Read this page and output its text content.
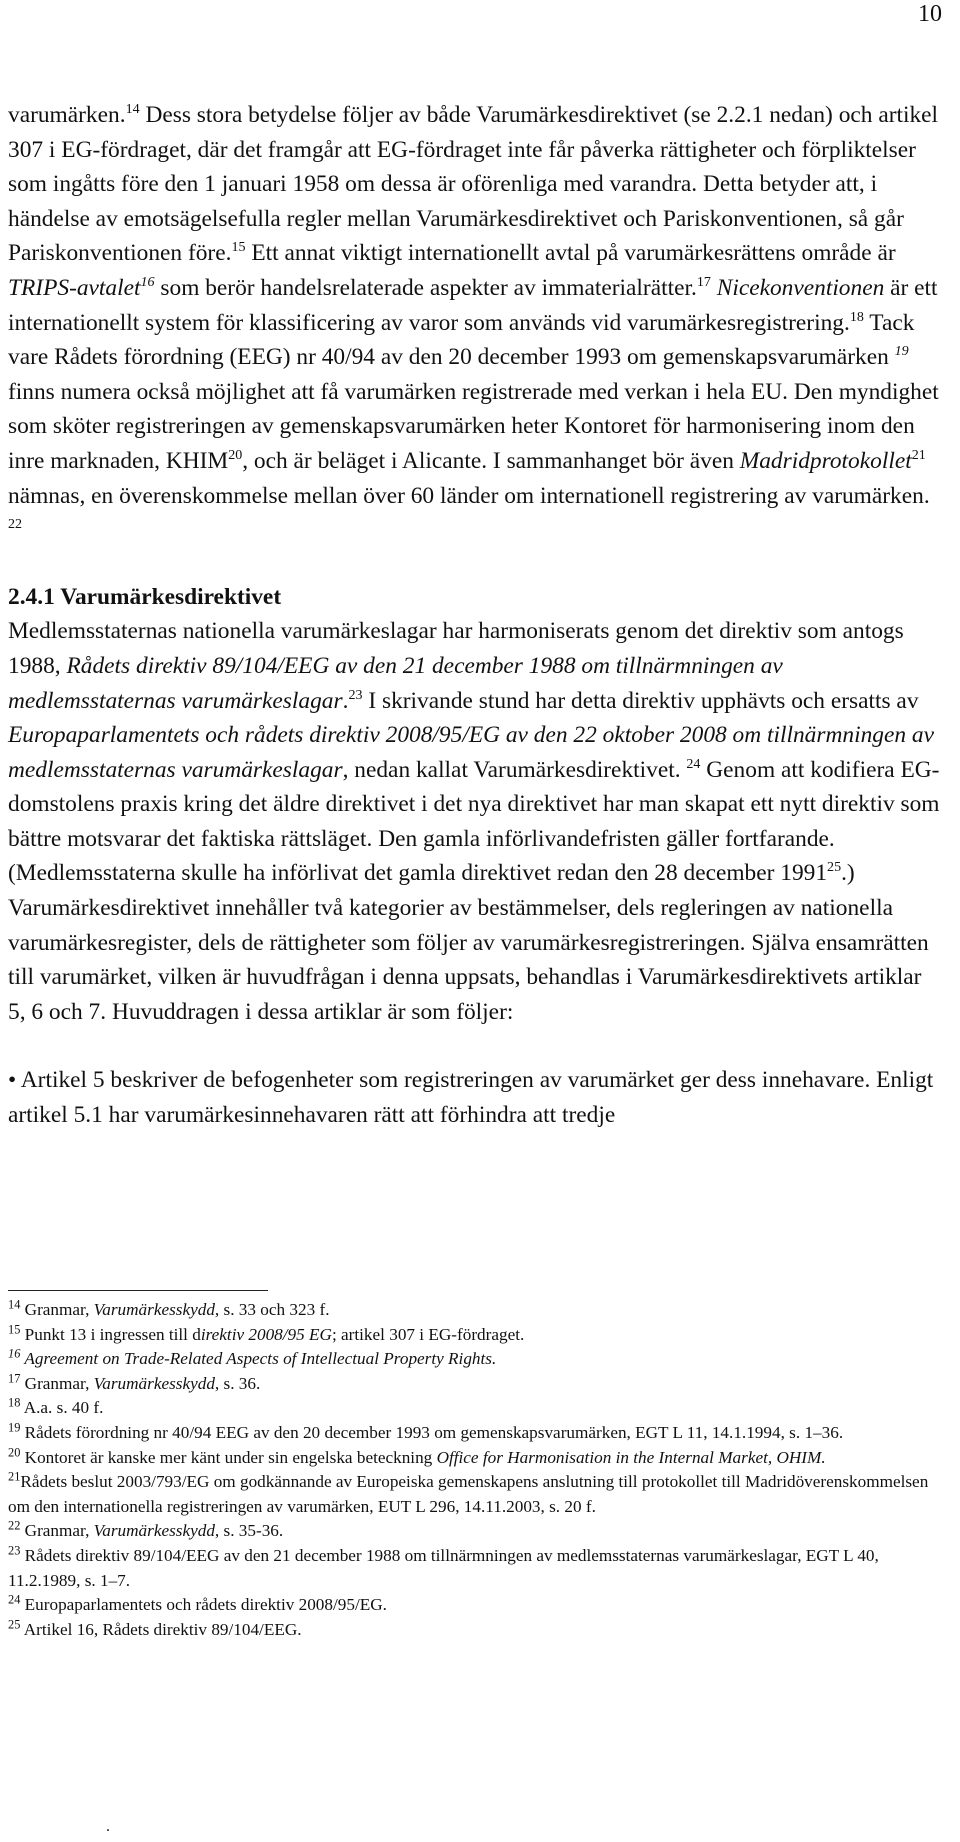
10

varumärken.$^{14}$ Dess stora betydelse följer av både Varumärkesdirektivet (se 2.2.1 nedan) och artikel 307 i EG-fördraget, där det framgår att EG-fördraget inte får påverka rättigheter och förpliktelser som ingåtts före den 1 januari 1958 om dessa är oförenliga med varandra. Detta betyder att, i händelse av emotsägelsefulla regler mellan Varumärkesdirektivet och Pariskonventionen, så går Pariskonventionen före.$^{15}$ Ett annat viktigt internationellt avtal på varumärkesrättens område är TRIPS-avtalet$^{16}$ som berör handelsrelaterade aspekter av immaterialrätter.$^{17}$ Nicekonventionen är ett internationellt system för klassificering av varor som används vid varumärkesregistrering.$^{18}$ Tack vare Rådets förordning (EEG) nr 40/94 av den 20 december 1993 om gemenskapsvarumärken $^{19}$ finns numera också möjlighet att få varumärken registrerade med verkan i hela EU. Den myndighet som sköter registreringen av gemenskapsvarumärken heter Kontoret för harmonisering inom den inre marknaden, KHIM$^{20}$, och är beläget i Alicante. I sammanhanget bör även Madridprotokollet$^{21}$ nämnas, en överenskommelse mellan över 60 länder om internationell registrering av varumärken. $^{22}$

2.4.1 Varumärkesdirektivet

Medlemsstaternas nationella varumärkeslagar har harmoniserats genom det direktiv som antogs 1988, Rådets direktiv 89/104/EEG av den 21 december 1988 om tillnärmningen av medlemsstaternas varumärkeslagar.$^{23}$ I skrivande stund har detta direktiv upphävts och ersatts av Europaparlamentets och rådets direktiv 2008/95/EG av den 22 oktober 2008 om tillnärmningen av medlemsstaternas varumärkeslagar, nedan kallat Varumärkesdirektivet. $^{24}$ Genom att kodifiera EG-domstolens praxis kring det äldre direktivet i det nya direktivet har man skapat ett nytt direktiv som bättre motsvarar det faktiska rättsläget. Den gamla införlivandefristen gäller fortfarande. (Medlemsstaterna skulle ha införlivat det gamla direktivet redan den 28 december 1991$^{25}$.) Varumärkesdirektivet innehåller två kategorier av bestämmelser, dels regleringen av nationella varumärkesregister, dels de rättigheter som följer av varumärkesregistreringen. Själva ensamrätten till varumärket, vilken är huvudfrågan i denna uppsats, behandlas i Varumärkesdirektivets artiklar 5, 6 och 7. Huvuddragen i dessa artiklar är som följer:

• Artikel 5 beskriver de befogenheter som registreringen av varumärket ger dess innehavare. Enligt artikel 5.1 har varumärkesinnehavaren rätt att förhindra att tredje

$^{14}$ Granmar, Varumärkesskydd, s. 33 och 323 f.

$^{15}$ Punkt 13 i ingressen till direktiv 2008/95 EG; artikel 307 i EG-fördraget.

$^{16}$ Agreement on Trade-Related Aspects of Intellectual Property Rights.

$^{17}$ Granmar, Varumärkesskydd, s. 36.

$^{18}$ A.a. s. 40 f.

$^{19}$ Rådets förordning nr 40/94 EEG av den 20 december 1993 om gemenskapsvarumärken, EGT L 11, 14.1.1994, s. 1–36.

$^{20}$ Kontoret är kanske mer känt under sin engelska beteckning Office for Harmonisation in the Internal Market, OHIM.

$^{21}$Rådets beslut 2003/793/EG om godkännande av Europeiska gemenskapens anslutning till protokollet till Madridöverenskommelsen om den internationella registreringen av varumärken, EUT L 296, 14.11.2003, s. 20 f.

$^{22}$ Granmar, Varumärkesskydd, s. 35-36.

$^{23}$ Rådets direktiv 89/104/EEG av den 21 december 1988 om tillnärmningen av medlemsstaternas varumärkeslagar, EGT L 40, 11.2.1989, s. 1–7.

$^{24}$ Europaparlamentets och rådets direktiv 2008/95/EG.

$^{25}$ Artikel 16, Rådets direktiv 89/104/EEG.

.
